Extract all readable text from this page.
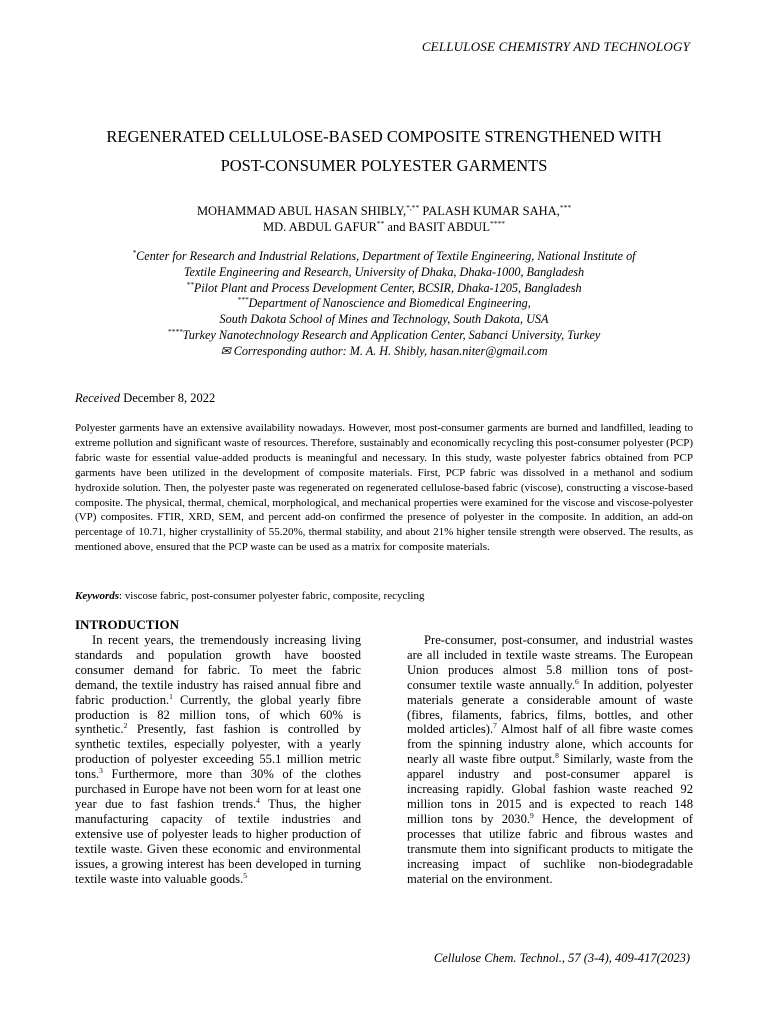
CELLULOSE CHEMISTRY AND TECHNOLOGY
REGENERATED CELLULOSE-BASED COMPOSITE STRENGTHENED WITH
POST-CONSUMER POLYESTER GARMENTS
MOHAMMAD ABUL HASAN SHIBLY,*,** PALASH KUMAR SAHA,***
MD. ABDUL GAFUR** and BASIT ABDUL****
*Center for Research and Industrial Relations, Department of Textile Engineering, National Institute of
Textile Engineering and Research, University of Dhaka, Dhaka-1000, Bangladesh
**Pilot Plant and Process Development Center, BCSIR, Dhaka-1205, Bangladesh
***Department of Nanoscience and Biomedical Engineering,
South Dakota School of Mines and Technology, South Dakota, USA
****Turkey Nanotechnology Research and Application Center, Sabanci University, Turkey
✉ Corresponding author: M. A. H. Shibly, hasan.niter@gmail.com
Received December 8, 2022
Polyester garments have an extensive availability nowadays. However, most post-consumer garments are burned and landfilled, leading to extreme pollution and significant waste of resources. Therefore, sustainably and economically recycling this post-consumer polyester (PCP) fabric waste for essential value-added products is meaningful and necessary. In this study, waste polyester fabrics obtained from PCP garments have been utilized in the development of composite materials. First, PCP fabric was dissolved in a methanol and sodium hydroxide solution. Then, the polyester paste was regenerated on regenerated cellulose-based fabric (viscose), constructing a viscose-based composite. The physical, thermal, chemical, morphological, and mechanical properties were examined for the viscose and viscose-polyester (VP) composites. FTIR, XRD, SEM, and percent add-on confirmed the presence of polyester in the composite. In addition, an add-on percentage of 10.71, higher crystallinity of 55.20%, thermal stability, and about 21% higher tensile strength were observed. The results, as mentioned above, ensured that the PCP waste can be used as a matrix for composite materials.
Keywords: viscose fabric, post-consumer polyester fabric, composite, recycling
INTRODUCTION

In recent years, the tremendously increasing living standards and population growth have boosted consumer demand for fabric. To meet the fabric demand, the textile industry has raised annual fibre and fabric production.$^1$ Currently, the global yearly fibre production is 82 million tons, of which 60% is synthetic.$^2$ Presently, fast fashion is controlled by synthetic textiles, especially polyester, with a yearly production of polyester exceeding 55.1 million metric tons.$^3$ Furthermore, more than 30% of the clothes purchased in Europe have not been worn for at least one year due to fast fashion trends.$^4$ Thus, the higher manufacturing capacity of textile industries and extensive use of polyester leads to higher production of textile waste. Given these economic and environmental issues, a growing interest has been developed in turning textile waste into valuable goods.$^5$

Pre-consumer, post-consumer, and industrial wastes are all included in textile waste streams. The European Union produces almost 5.8 million tons of post-consumer textile waste annually.$^6$ In addition, polyester materials generate a considerable amount of waste (fibres, filaments, fabrics, films, bottles, and other molded articles).$^7$ Almost half of all fibre waste comes from the spinning industry alone, which accounts for nearly all waste fibre output.$^8$ Similarly, waste from the apparel industry and post-consumer apparel is increasing rapidly. Global fashion waste reached 92 million tons in 2015 and is expected to reach 148 million tons by 2030.$^9$ Hence, the development of processes that utilize fabric and fibrous wastes and transmute them into significant products to mitigate the increasing impact of suchlike non-biodegradable material on the environment.

Cellulose Chem. Technol., 57 (3-4), 409-417(2023)
